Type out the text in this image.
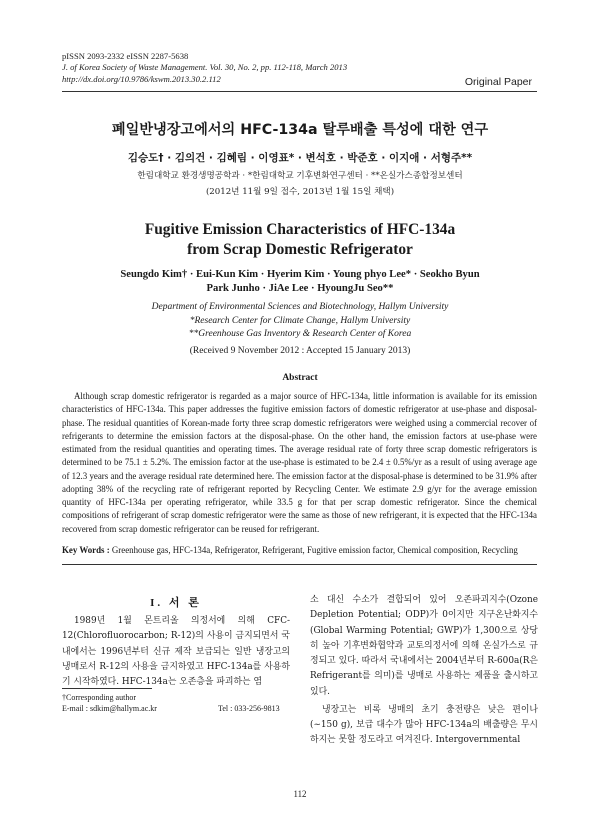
pISSN 2093-2332 eISSN 2287-5638
J. of Korea Society of Waste Management. Vol. 30, No. 2, pp. 112-118, March 2013
http://dx.doi.org/10.9786/kswm.2013.30.2.112	Original Paper
폐일반냉장고에서의 HFC-134a 탈루배출 특성에 대한 연구
김승도† · 김의건 · 김혜림 · 이영표* · 변석호 · 박준호 · 이지애 · 서형주**
한림대학교 환경생명공학과 · *한림대학교 기후변화연구센터 · **온실가스종합정보센터
(2012년 11월 9일 접수, 2013년 1월 15일 채택)
Fugitive Emission Characteristics of HFC-134a
from Scrap Domestic Refrigerator
Seungdo Kim† · Eui-Kun Kim · Hyerim Kim · Young phyo Lee* · Seokho Byun
Park Junho · JiAe Lee · HyoungJu Seo**
Department of Environmental Sciences and Biotechnology, Hallym University
*Research Center for Climate Change, Hallym University
**Greenhouse Gas Inventory & Research Center of Korea
(Received 9 November 2012 : Accepted 15 January 2013)
Abstract
Although scrap domestic refrigerator is regarded as a major source of HFC-134a, little information is available for its emission characteristics of HFC-134a. This paper addresses the fugitive emission factors of domestic refrigerator at use-phase and disposal-phase. The residual quantities of Korean-made forty three scrap domestic refrigerators were weighed using a commercial recover of refrigerants to determine the emission factors at the disposal-phase. On the other hand, the emission factors at use-phase were estimated from the residual quantities and operating times. The average residual rate of forty three scrap domestic refrigerators is determined to be 75.1 ± 5.2%. The emission factor at the use-phase is estimated to be 2.4 ± 0.5%/yr as a result of using average age of 12.3 years and the average residual rate determined here. The emission factor at the disposal-phase is determined to be 31.9% after adopting 38% of the recycling rate of refrigerant reported by Recycling Center. We estimate 2.9 g/yr for the average emission quantity of HFC-134a per operating refrigerator, while 33.5 g for that per scrap domestic refrigerator. Since the chemical compositions of refrigerant of scrap domestic refrigerator were the same as those of new refrigerant, it is expected that the HFC-134a recovered from scrap domestic refrigerator can be reused for refrigerant.
Key Words : Greenhouse gas, HFC-134a, Refrigerator, Refrigerant, Fugitive emission factor, Chemical composition, Recycling
I. 서 론
1989년 1월 몬트리올 의정서에 의해 CFC-12(Chlorofluorocarbon; R-12)의 사용이 금지되면서 국내에서는 1996년부터 신규 제작 보급되는 일반 냉장고의 냉매로서 R-12의 사용을 금지하였고 HFC-134a를 사용하기 시작하였다. HFC-134a는 오존층을 파괴하는 염

소 대신 수소가 결합되어 있어 오존파괴지수(Ozone Depletion Potential; ODP)가 0이지만 지구온난화지수(Global Warming Potential; GWP)가 1,300으로 상당히 높아 기후변화협약과 교토의정서에 의해 온실가스로 규정되고 있다. 따라서 국내에서는 2004년부터 R-600a(R은 Refrigerant를 의미)를 냉매로 사용하는 제품을 출시하고 있다.

냉장고는 비록 냉매의 초기 충전량은 낮은 편이나(∼150 g), 보급 대수가 많아 HFC-134a의 배출량은 무시하지는 못할 정도라고 여겨진다. Intergovernmental

†Corresponding author
E-mail : sdkim@hallym.ac.kr	Tel : 033-256-9813
112
